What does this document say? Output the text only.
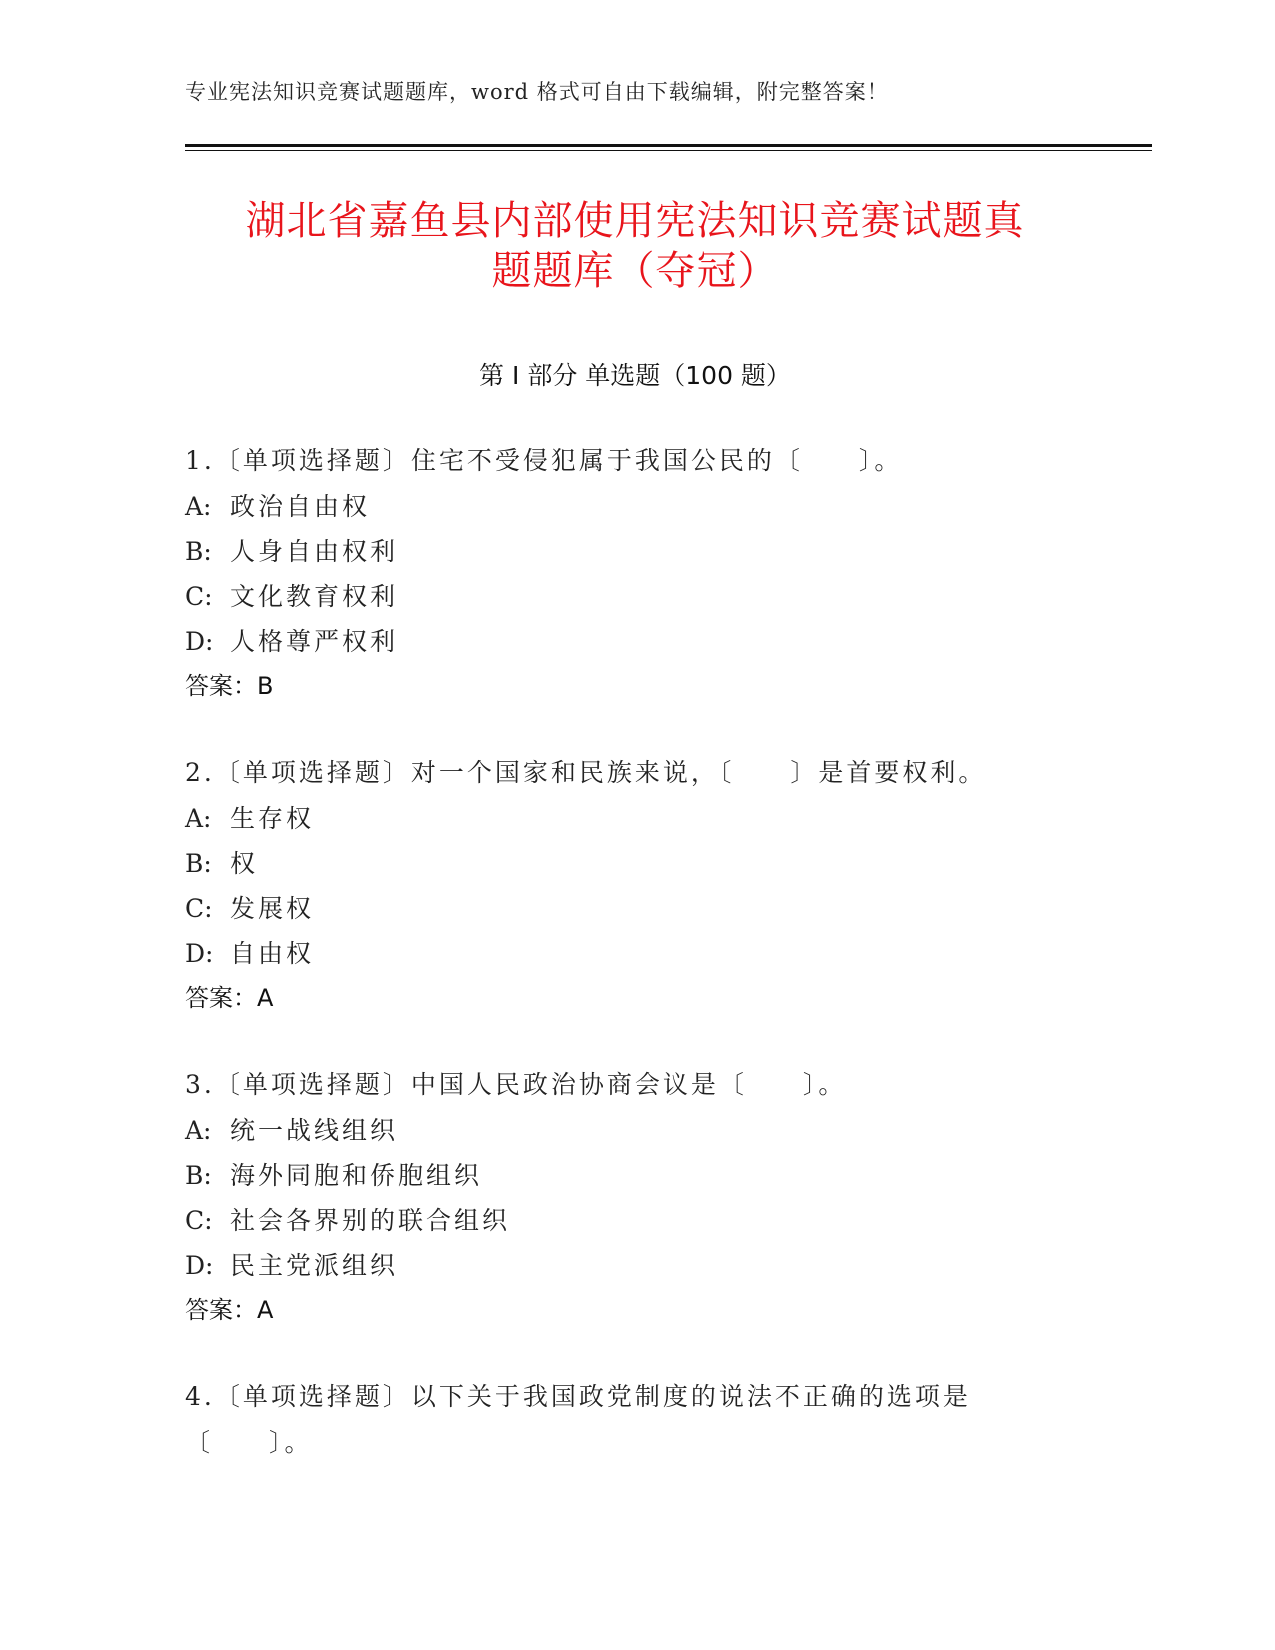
专业宪法知识竞赛试题题库，word 格式可自由下载编辑，附完整答案！
湖北省嘉鱼县内部使用宪法知识竞赛试题真
题题库（夺冠）
第 I 部分 单选题（100 题）
1.〔单项选择题〕住宅不受侵犯属于我国公民的〔　　〕。
A: 政治自由权
B: 人身自由权利
C: 文化教育权利
D: 人格尊严权利
答案：B
2.〔单项选择题〕对一个国家和民族来说，〔　　〕是首要权利。
A: 生存权
B: 权
C: 发展权
D: 自由权
答案：A
3.〔单项选择题〕中国人民政治协商会议是〔　　〕。
A: 统一战线组织
B: 海外同胞和侨胞组织
C: 社会各界别的联合组织
D: 民主党派组织
答案：A
4.〔单项选择题〕以下关于我国政党制度的说法不正确的选项是〔　　〕。
